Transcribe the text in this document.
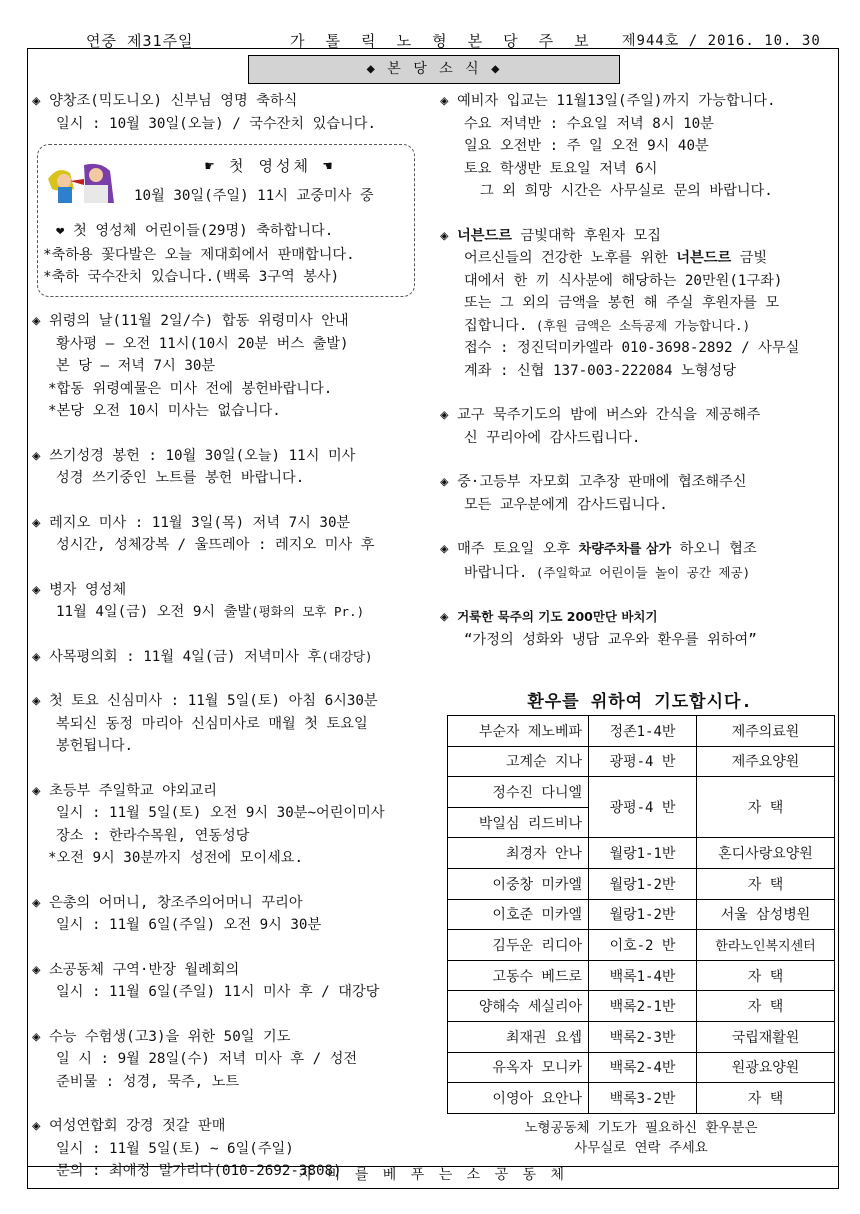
연중 제31주일	가 톨 릭 노 형 본 당 주 보 제944호 / 2016. 10. 30
◆ 본 당 소 식 ◆
◈ 양창조(믹도니오) 신부님 영명 축하식
일시 : 10월 30일(오늘) / 국수잔치 있습니다.
☛ 첫 영성체 ☚
10월 30일(주일) 11시 교중미사 중
❤ 첫 영성체 어린이들(29명) 축하합니다.
*축하용 꽃다발은 오늘 제대회에서 판매합니다.
*축하 국수잔치 있습니다.(백록 3구역 봉사)
◈ 위령의 날(11월 2일/수) 합동 위령미사 안내
황사평 – 오전 11시(10시 20분 버스 출발)
본 당 – 저녁 7시 30분
*합동 위령예물은 미사 전에 봉헌바랍니다.
*본당 오전 10시 미사는 없습니다.
◈ 쓰기성경 봉헌 : 10월 30일(오늘) 11시 미사
성경 쓰기중인 노트를 봉헌 바랍니다.
◈ 레지오 미사 : 11월 3일(목) 저녁 7시 30분
성시간, 성체강복 / 울뜨레아 : 레지오 미사 후
◈ 병자 영성체
11월 4일(금) 오전 9시 출발(평화의 모후 Pr.)
◈ 사목평의회 : 11월 4일(금) 저녁미사 후(대강당)
◈ 첫 토요 신심미사 : 11월 5일(토) 아침 6시30분
복되신 동정 마리아 신심미사로 매월 첫 토요일
봉헌됩니다.
◈ 초등부 주일학교 야외교리
일시 : 11월 5일(토) 오전 9시 30분~어린이미사
장소 : 한라수목원, 연동성당
*오전 9시 30분까지 성전에 모이세요.
◈ 은총의 어머니, 창조주의어머니 꾸리아
일시 : 11월 6일(주일) 오전 9시 30분
◈ 소공동체 구역·반장 월례회의
일시 : 11월 6일(주일) 11시 미사 후 / 대강당
◈ 수능 수험생(고3)을 위한 50일 기도
일 시 : 9월 28일(수) 저녁 미사 후 / 성전
준비물 : 성경, 묵주, 노트
◈ 여성연합회 강경 젓갈 판매
일시 : 11월 5일(토) ~ 6일(주일)
문의 : 최애정 말가리다(010-2692-3808)
◈ 예비자 입교는 11월13일(주일)까지 가능합니다.
수요 저녁반 : 수요일 저녁 8시 10분
일요 오전반 : 주 일 오전 9시 40분
토요 학생반 토요일 저녁 6시
그 외 희망 시간은 사무실로 문의 바랍니다.
◈ 너븐드르 금빛대학 후원자 모집
어르신들의 건강한 노후를 위한 너븐드르 금빛
대에서 한 끼 식사분에 해당하는 20만원(1구좌)
또는 그 외의 금액을 봉헌 해 주실 후원자를 모
집합니다. (후원 금액은 소득공제 가능합니다.)
접수 : 정진덕미카엘라 010-3698-2892 / 사무실
계좌 : 신협 137-003-222084 노형성당
◈ 교구 묵주기도의 밤에 버스와 간식을 제공해주
신 꾸리아에 감사드립니다.
◈ 중·고등부 자모회 고추장 판매에 협조해주신
모든 교우분에게 감사드립니다.
◈ 매주 토요일 오후 차량주차를 삼가 하오니 협조
바랍니다. (주일학교 어린이들 놀이 공간 제공)
◈ 거룩한 묵주의 기도 200만단 바치기
“가정의 성화와 냉담 교우와 환우를 위하여”
환우를 위하여 기도합시다.
부순자 제노베파	정존1-4반	제주의료원
고계순 지나	광평-4 반	제주요양원
정수진 다니엘	광평-4 반	자 택
박일심 리드비나		
최경자 안나	월랑1-1반	혼디사랑요양원
이중창 미카엘	월랑1-2반	자 택
이호준 미카엘	월랑1-2반	서울 삼성병원
김두운 리디아	이호-2 반	한라노인복지센터
고동수 베드로	백록1-4반	자 택
양해숙 세실리아	백록2-1반	자 택
최재권 요셉	백록2-3반	국립재활원
유옥자 모니카	백록2-4반	원광요양원
이영아 요안나	백록3-2반	자 택
노형공동체 기도가 필요하신 환우분은
사무실로 연락 주세요
자 비 를 베 푸 는 소 공 동 체
